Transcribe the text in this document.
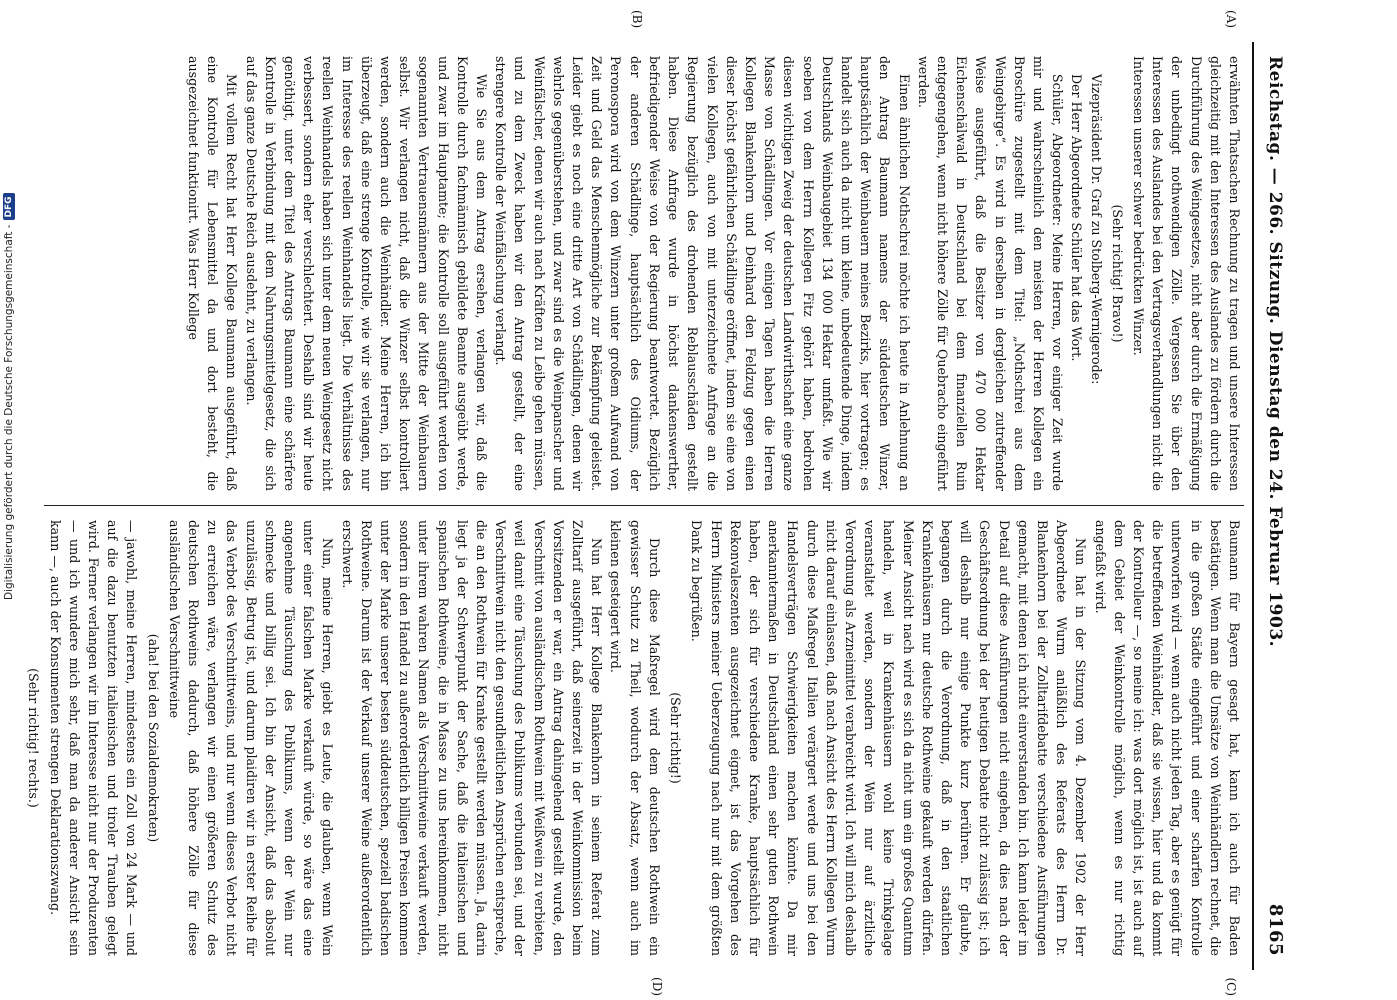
Digitalisierung gefördert durch die Deutsche Forschungsgemeinschaft -
DFG	Reichstag. — 266. Sitzung. Dienstag den 24. Februar 1903.
8165
(A)
(B)
(C)
(D)

erwähnten Thatsachen Rechnung zu tragen und unsere Interessen gleichzeitig mit den Interessen des Auslandes zu fördern durch die Durchführung des Weingesetzes, nicht aber durch die Ermäßigung der unbedingt nothwendigen Zölle. Vergessen Sie über den Interessen des Auslandes bei den Vertragsverhandlungen nicht die Interessen unserer schwer bedrückten Winzer.

(Sehr richtig! Bravo!)

Vizepräsident Dr. Graf zu Stolberg-Wernigerode:

Der Herr Abgeordnete Schüler hat das Wort.

Schüler, Abgeordneter: Meine Herren, vor einiger Zeit wurde mir und wahrscheinlich den meisten der Herren Kollegen ein Broschüre zugestellt mit dem Titel: „Nothschrei aus dem Weingebirge“. Es wird in derselben in dergleichen zutreffender Weise ausgeführt, daß die Besitzer von 470 000 Hektar Eichenschälwald in Deutschland bei dem finanziellen Ruin entgegengehen, wenn nicht höhere Zölle für Quebracho eingeführt werden.

Einen ähnlichen Nothschrei möchte ich heute in Anlehnung an den Antrag Baumann namens der süddeutschen Winzer, hauptsächlich der Weinbauern meines Bezirks, hier vortragen; es handelt sich auch da nicht um kleine, unbedeutende Dinge, indem Deutschlands Weinbaugebiet 134 000 Hektar umfaßt. Wie wir soeben von dem Herrn Kollegen Fitz gehört haben, bedrohen diesen wichtigen Zweig der deutschen Landwirthschaft eine ganze Masse von Schädlingen. Vor einigen Tagen haben die Herren Kollegen Blankenhorn und Deinhard den Feldzug gegen einen dieser höchst gefährlichen Schädlinge eröffnet, indem sie eine von vielen Kollegen, auch von mit unterzeichnete Anfrage an die Regierung bezüglich des drohenden Reblausschäden gestellt haben. Diese Anfrage wurde in höchst dankenswerther, befriedigender Weise von der Regierung beantwortet. Bezüglich der anderen Schädlinge, hauptsächlich des Oidiums, der Peronospora wird von dem Winzern unter großem Aufwand von Zeit und Geld das Menschenmögliche zur Bekämpfung geleistet. Leider giebt es noch eine dritte Art von Schädlingen, denen wir wehrlos gegenüberstehen, und zwar sind es die Weinpanscher und Weinfälscher, denen wir auch nach Kräften zu Leibe gehen müssen, und zu dem Zweck haben wir den Antrag gestellt, der eine strengere Kontrolle der Weinfälschung verlangt.

Wie Sie aus dem Antrag ersehen, verlangen wir, daß die Kontrolle durch fachmännisch gebildete Beamte ausgeübt werde, und zwar im Hauptamte; die Kontrolle soll ausgeführt werden von sogenannten Vertrauensmännern aus der Mitte der Weinbauern selbst. Wir verlangen nicht, daß die Winzer selbst kontrolliert werden, sondern auch die Weinhändler. Meine Herren, ich bin überzeugt, daß eine strenge Kontrolle, wie wir sie verlangen, nur im Interesse des reellen Weinhandels liegt. Die Verhältnisse des reellen Weinhandels haben sich unter dem neuen Weingesetz nicht verbessert, sondern eher verschlechtert. Deshalb sind wir heute genöthigt, unter dem Titel des Antrags Baumann eine schärfere Kontrolle in Verbindung mit dem Nahrungsmittelgesetz, die sich auf das ganze Deutsche Reich ausdehnt, zu verlangen.

Mit vollem Recht hat Herr Kollege Baumann ausgeführt, daß eine Kontrolle für Lebensmittel da und dort besteht, die ausgezeichnet funktionirt. Was Herr Kollege

Baumann für Bayern gesagt hat, kann ich auch für Baden bestätigen. Wenn man die Umsätze von Weinhändlern rechnet, die in die großen Städte eingeführt und einer scharfen Kontrolle unterworfen wird — wenn auch nicht jeden Tag, aber es genügt für die betreffenden Weinhändler, daß sie wissen, hier und da kommt der Kontrolleur —, so meine ich: was dort möglich ist, ist auch auf dem Gebiet der Weinkontrolle möglich, wenn es nur richtig angefaßt wird.

Nun hat in der Sitzung vom 4. Dezember 1902 der Herr Abgeordnete Wurm anläßlich des Referats des Herrn Dr. Blankenhorn bei der Zolltarifdebatte verschiedene Ausführungen gemacht, mit denen ich nicht einverstanden bin. Ich kann leider im Detail auf diese Ausführungen nicht eingehen, da dies nach der Geschäftsordnung bei der heutigen Debatte nicht zulässig ist; ich will deshalb nur einige Punkte kurz berühren. Er glaubte, begangen durch die Verordnung, daß in den staatlichen Krankenhäusern nur deutsche Rothweine gekauft werden dürfen. Meiner Ansicht nach wird es sich da nicht um ein großes Quantum handeln, weil in Krankenhäusern wohl keine Trinkgelage veranstaltet werden, sondern der Wein nur auf ärztliche Verordnung als Arzneimittel verabreicht wird. Ich will mich deshalb nicht darauf einlassen, daß nach Ansicht des Herrn Kollegen Wurm durch diese Maßregel Italien verärgert werde und uns bei den Handelsverträgen Schwierigkeiten machen könnte. Da mir anerkanntermaßen in Deutschland einen sehr guten Rothwein haben, der sich für verschiedene Kranke, hauptsächlich für Rekonvaleszenten ausgezeichnet eignet, ist das Vorgehen des Herrn Ministers meiner Ueberzeugung nach nur mit dem größten Dank zu begrüßen.

(Sehr richtig!)

Durch diese Maßregel wird dem deutschen Rothwein ein gewisser Schutz zu Theil, wodurch der Absatz, wenn auch im kleinen gesteigert wird.

Nun hat Herr Kollege Blankenhorn in seinem Referat zum Zolltarif ausgeführt, daß seinerzeit in der Weinkommission beim Vorsitzenden er war, ein Antrag dahingehend gestellt wurde, den Verschnitt von ausländischem Rothwein mit Weißwein zu verbieten, weil damit eine Täuschung des Publikums verbunden sei, und der Verschnittwein nicht den gesundheitlichen Ansprüchen entspreche, die an den Rothwein für Kranke gestellt werden müssen. Ja, darin liegt ja der Schwerpunkt der Sache, daß die italienischen und spanischen Rothweine, die in Masse zu uns hereinkommen, nicht unter ihrem wahren Namen als Verschnittweine verkauft werden, sondern in den Handel zu außerordentlich billigen Preisen kommen unter der Marke unserer besten süddeutschen, speziell badischen Rothweine. Darum ist der Verkauf unserer Weine außerordentlich erschwert.

Nun, meine Herren, giebt es Leute, die glauben, wenn Wein unter einer falschen Marke verkauft würde, so wäre das eine angenehme Täuschung des Publikums, wenn der Wein nur schmecke und billig sei. Ich bin der Ansicht, daß das absolut unzulässig, Betrug ist, und darum plaidiren wir in erster Reihe für das Verbot des Verschnittweins, und nur wenn dieses Verbot nicht zu erreichen wäre, verlangen wir einen größeren Schutz des deutschen Rothweins dadurch, daß höhere Zölle für diese ausländischen Verschnittweine

(aha! bei den Sozialdemokraten)

— jawohl, meine Herren, mindestens ein Zoll von 24 Mark — und auf die dazu benutzten italienischen und tiroler Trauben gelegt wird. Ferner verlangen wir im Interesse nicht nur der Produzenten — und ich wundere mich sehr, daß man da anderer Ansicht sein kann —, auch der Konsumenten strengen Deklarationszwang.

(Sehr richtig! rechts.)
